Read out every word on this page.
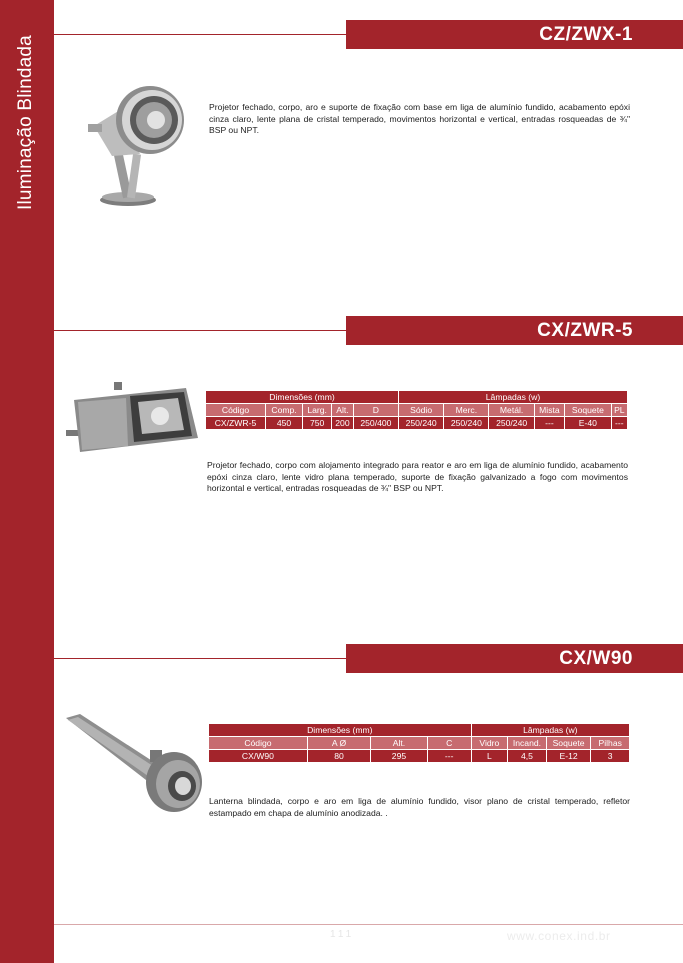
Iluminação Blindada
CZ/ZWX-1
Projetor fechado, corpo, aro e suporte de fixação com base em liga de alumínio fundido, acabamento epóxi cinza claro, lente plana de cristal temperado, movimentos horizontal e vertical, entradas rosqueadas de ¾" BSP ou NPT.
CX/ZWR-5
Dimensões (mm)					Lâmpadas (w)					
Código	Comp.	Larg.	Alt.	D	Sódio	Merc.	Metál.	Mista	Soquete	PL
CX/ZWR-5	450	750	200	250/400	250/240	250/240	250/240	---	E-40	---
Projetor fechado, corpo com alojamento integrado para reator e aro em liga de alumínio fundido, acabamento epóxi cinza claro, lente vidro plana temperado, suporte de fixação galvanizado a fogo com movimentos horizontal e vertical, entradas rosqueadas de ¾" BSP ou NPT.
CX/W90
Dimensões (mm)				Lâmpadas (w)			
Código	A Ø	Alt.	C	Vidro	Incand.	Soquete	Pilhas
CX/W90	80	295	---	L	4,5	E-12	3
Lanterna blindada, corpo e aro em liga de alumínio fundido, visor plano de cristal temperado, refletor estampado em chapa de alumínio anodizada. .
111	www.conex.ind.br
